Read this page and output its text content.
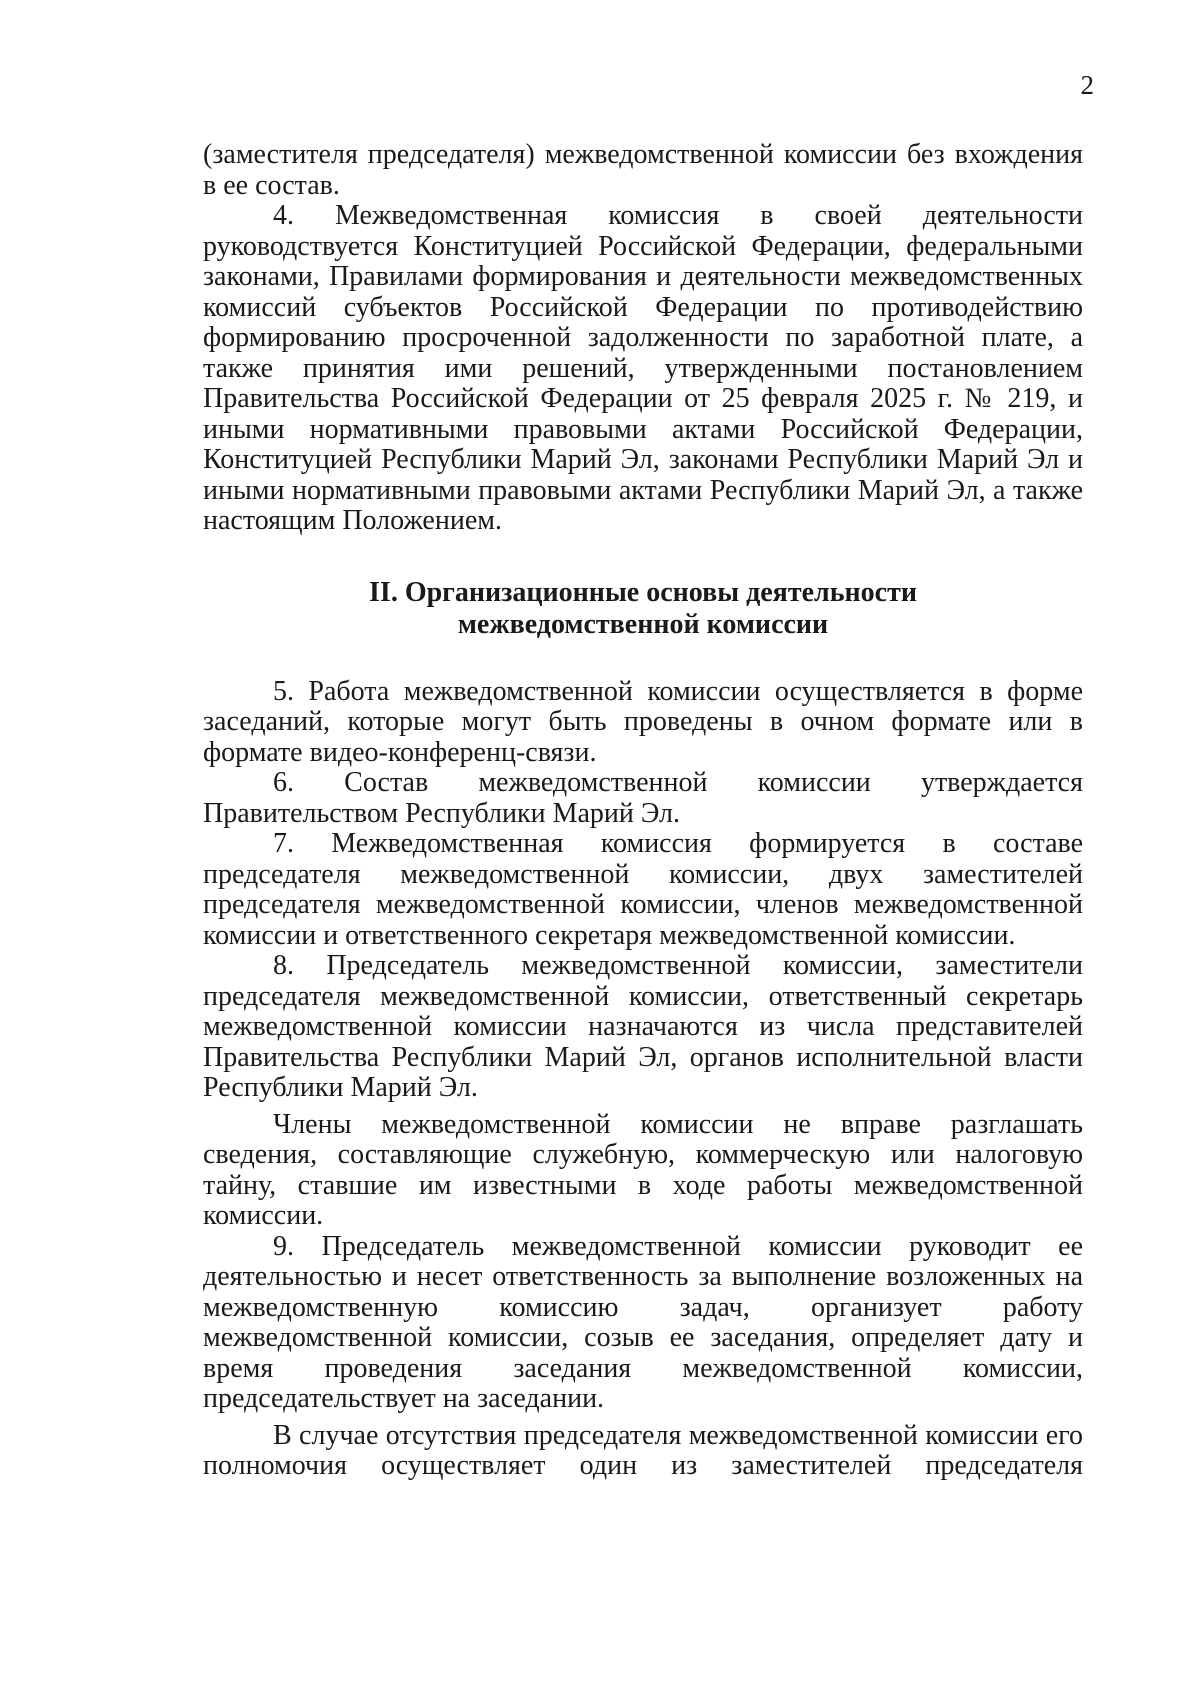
2

(заместителя председателя) межведомственной комиссии без вхождения в ее состав.

4. Межведомственная комиссия в своей деятельности руководствуется Конституцией Российской Федерации, федеральными законами, Правилами формирования и деятельности межведомственных комиссий субъектов Российской Федерации по противодействию формированию просроченной задолженности по заработной плате, а также принятия ими решений, утвержденными постановлением Правительства Российской Федерации от 25 февраля 2025 г. № 219, и иными нормативными правовыми актами Российской Федерации, Конституцией Республики Марий Эл, законами Республики Марий Эл и иными нормативными правовыми актами Республики Марий Эл, а также настоящим Положением.

II. Организационные основы деятельности
межведомственной комиссии

5. Работа межведомственной комиссии осуществляется в форме заседаний, которые могут быть проведены в очном формате или в формате видео-конференц-связи.

6. Состав межведомственной комиссии утверждается Правительством Республики Марий Эл.

7. Межведомственная комиссия формируется в составе председателя межведомственной комиссии, двух заместителей председателя межведомственной комиссии, членов межведомственной комиссии и ответственного секретаря межведомственной комиссии.

8. Председатель межведомственной комиссии, заместители председателя межведомственной комиссии, ответственный секретарь межведомственной комиссии назначаются из числа представителей Правительства Республики Марий Эл, органов исполнительной власти Республики Марий Эл.

Члены межведомственной комиссии не вправе разглашать сведения, составляющие служебную, коммерческую или налоговую тайну, ставшие им известными в ходе работы межведомственной комиссии.

9. Председатель межведомственной комиссии руководит ее деятельностью и несет ответственность за выполнение возложенных на межведомственную комиссию задач, организует работу межведомственной комиссии, созыв ее заседания, определяет дату и время проведения заседания межведомственной комиссии, председательствует на заседании.

В случае отсутствия председателя межведомственной комиссии его полномочия осуществляет один из заместителей председателя
